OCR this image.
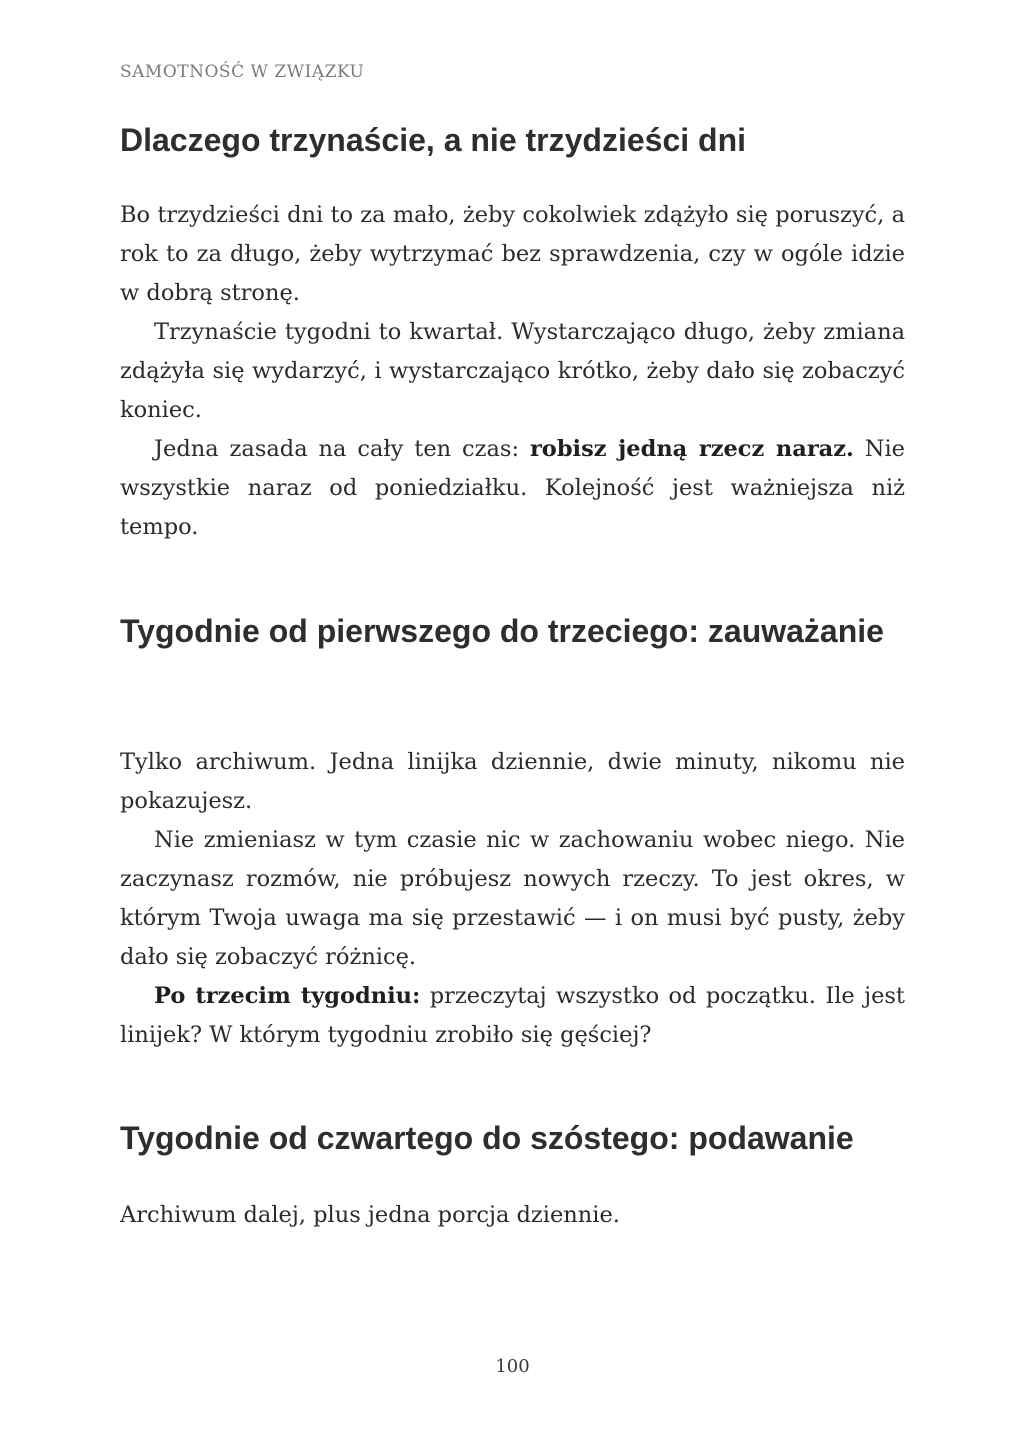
SAMOTNOŚĆ W ZWIĄZKU
Dlaczego trzynaście, a nie trzydzieści dni

Bo trzydzieści dni to za mało, żeby cokolwiek zdążyło się poruszyć, a rok to za długo, żeby wytrzymać bez sprawdzenia, czy w ogóle idzie w dobrą stronę.

Trzynaście tygodni to kwartał. Wystarczająco długo, żeby zmiana zdążyła się wydarzyć, i wystarczająco krótko, żeby dało się zobaczyć koniec.

Jedna zasada na cały ten czas: robisz jedną rzecz naraz. Nie wszystkie naraz od poniedziałku. Kolejność jest ważniejsza niż tempo.

Tygodnie od pierwszego do trzeciego: zauważanie

Tylko archiwum. Jedna linijka dziennie, dwie minuty, nikomu nie pokazujesz.

Nie zmieniasz w tym czasie nic w zachowaniu wobec niego. Nie zaczynasz rozmów, nie próbujesz nowych rzeczy. To jest okres, w którym Twoja uwaga ma się przestawić — i on musi być pusty, żeby dało się zobaczyć różnicę.

Po trzecim tygodniu: przeczytaj wszystko od początku. Ile jest linijek? W którym tygodniu zrobiło się gęściej?

Tygodnie od czwartego do szóstego: podawanie

Archiwum dalej, plus jedna porcja dziennie.

100
